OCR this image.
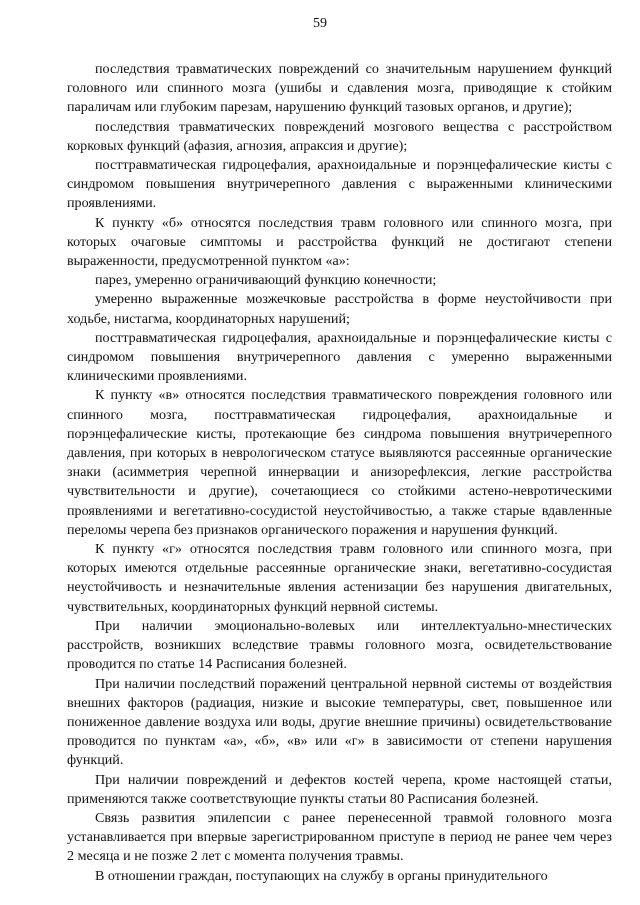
59

последствия травматических повреждений со значительным нарушением функций головного или спинного мозга (ушибы и сдавления мозга, приводящие к стойким параличам или глубоким парезам, нарушению функций тазовых органов, и другие);

последствия травматических повреждений мозгового вещества с расстройством корковых функций (афазия, агнозия, апраксия и другие);

посттравматическая гидроцефалия, арахноидальные и порэнцефалические кисты с синдромом повышения внутричерепного давления с выраженными клиническими проявлениями.

К пункту «б» относятся последствия травм головного или спинного мозга, при которых очаговые симптомы и расстройства функций не достигают степени выраженности, предусмотренной пунктом «а»:

парез, умеренно ограничивающий функцию конечности;

умеренно выраженные мозжечковые расстройства в форме неустойчивости при ходьбе, нистагма, координаторных нарушений;

посттравматическая гидроцефалия, арахноидальные и порэнцефалические кисты с синдромом повышения внутричерепного давления с умеренно выраженными клиническими проявлениями.

К пункту «в» относятся последствия травматического повреждения головного или спинного мозга, посттравматическая гидроцефалия, арахноидальные и порэнцефалические кисты, протекающие без синдрома повышения внутричерепного давления, при которых в неврологическом статусе выявляются рассеянные органические знаки (асимметрия черепной иннервации и анизорефлексия, легкие расстройства чувствительности и другие), сочетающиеся со стойкими астено-невротическими проявлениями и вегетативно-сосудистой неустойчивостью, а также старые вдавленные переломы черепа без признаков органического поражения и нарушения функций.

К пункту «г» относятся последствия травм головного или спинного мозга, при которых имеются отдельные рассеянные органические знаки, вегетативно-сосудистая неустойчивость и незначительные явления астенизации без нарушения двигательных, чувствительных, координаторных функций нервной системы.

При наличии эмоционально-волевых или интеллектуально-мнестических расстройств, возникших вследствие травмы головного мозга, освидетельствование проводится по статье 14 Расписания болезней.

При наличии последствий поражений центральной нервной системы от воздействия внешних факторов (радиация, низкие и высокие температуры, свет, повышенное или пониженное давление воздуха или воды, другие внешние причины) освидетельствование проводится по пунктам «а», «б», «в» или «г» в зависимости от степени нарушения функций.

При наличии повреждений и дефектов костей черепа, кроме настоящей статьи, применяются также соответствующие пункты статьи 80 Расписания болезней.

Связь развития эпилепсии с ранее перенесенной травмой головного мозга устанавливается при впервые зарегистрированном приступе в период не ранее чем через 2 месяца и не позже 2 лет с момента получения травмы.

В отношении граждан, поступающих на службу в органы принудительного
